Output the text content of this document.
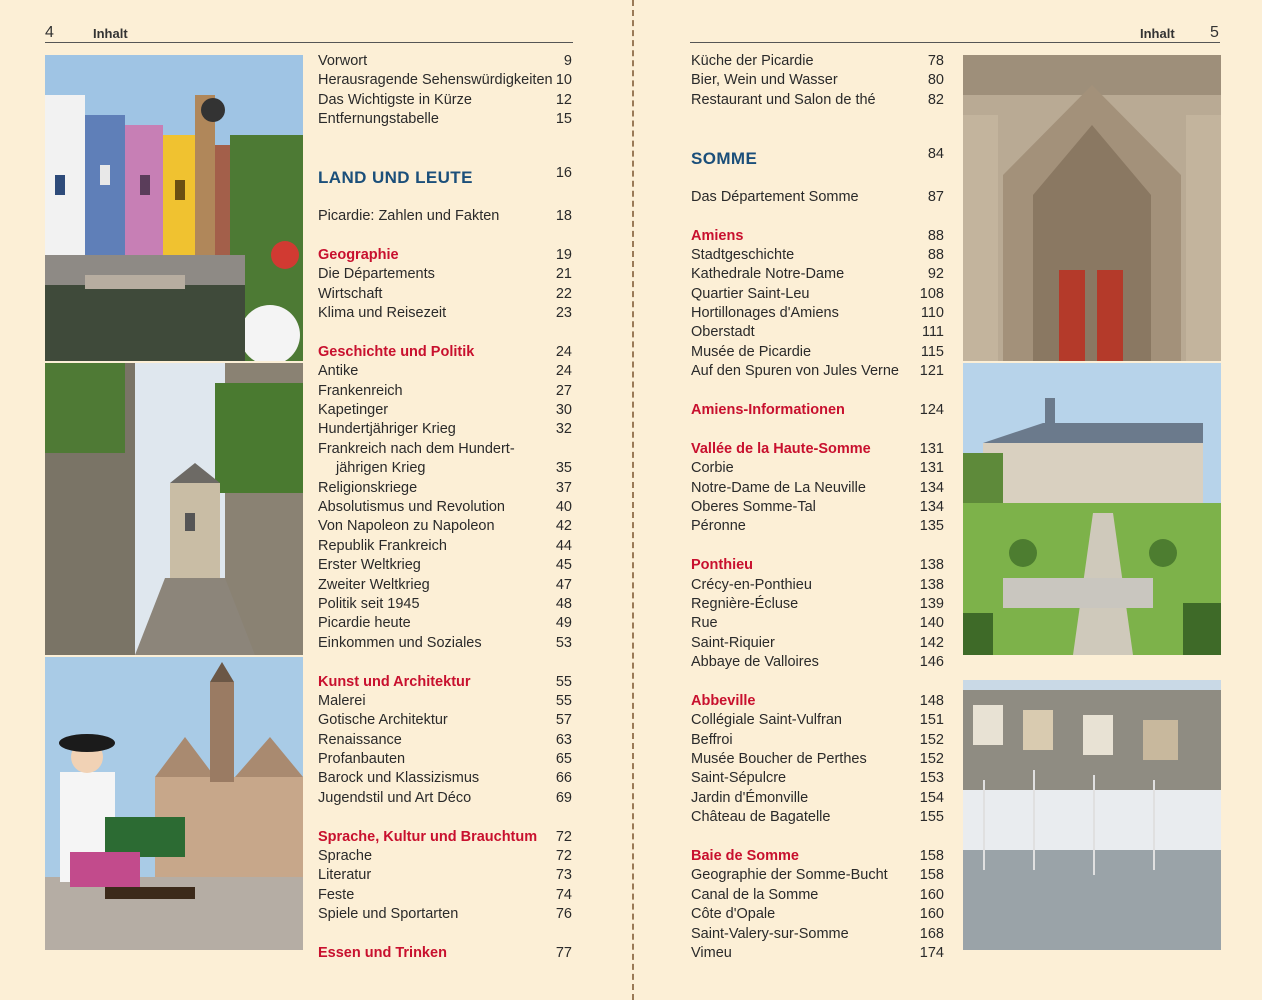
4	Inhalt
Vorwort	9
Herausragende Sehenswürdigkeiten 10
Das Wichtigste in Kürze	12
Entfernungstabelle	15
LAND UND LEUTE	16
Picardie: Zahlen und Fakten	18
Geographie	19
Die Départements	21
Wirtschaft	22
Klima und Reisezeit	23
Geschichte und Politik	24
Antike	24
Frankenreich	27
Kapetinger	30
Hundertjähriger Krieg	32
Frankreich nach dem Hundert-
jährigen Krieg	35
Religionskriege	37
Absolutismus und Revolution	40
Von Napoleon zu Napoleon	42
Republik Frankreich	44
Erster Weltkrieg	45
Zweiter Weltkrieg	47
Politik seit 1945	48
Picardie heute	49
Einkommen und Soziales	53
Kunst und Architektur	55
Malerei	55
Gotische Architektur	57
Renaissance	63
Profanbauten	65
Barock und Klassizismus	66
Jugendstil und Art Déco	69
Sprache, Kultur und Brauchtum	72
Sprache	72
Literatur	73
Feste	74
Spiele und Sportarten	76
Essen und Trinken	77
Inhalt 5
Küche der Picardie	78
Bier, Wein und Wasser	80
Restaurant und Salon de thé	82
SOMME	84
Das Département Somme	87
Amiens	88
Stadtgeschichte	88
Kathedrale Notre-Dame	92
Quartier Saint-Leu	108
Hortillonages d'Amiens	110
Oberstadt	111
Musée de Picardie	115
Auf den Spuren von Jules Verne	121
Amiens-Informationen	124
Vallée de la Haute-Somme	131
Corbie	131
Notre-Dame de La Neuville	134
Oberes Somme-Tal	134
Péronne	135
Ponthieu	138
Crécy-en-Ponthieu	138
Regnière-Écluse	139
Rue	140
Saint-Riquier	142
Abbaye de Valloires	146
Abbeville	148
Collégiale Saint-Vulfran	151
Beffroi	152
Musée Boucher de Perthes	152
Saint-Sépulcre	153
Jardin d'Émonville	154
Château de Bagatelle	155
Baie de Somme	158
Geographie der Somme-Bucht	158
Canal de la Somme	160
Côte d'Opale	160
Saint-Valery-sur-Somme	168
Vimeu	174
